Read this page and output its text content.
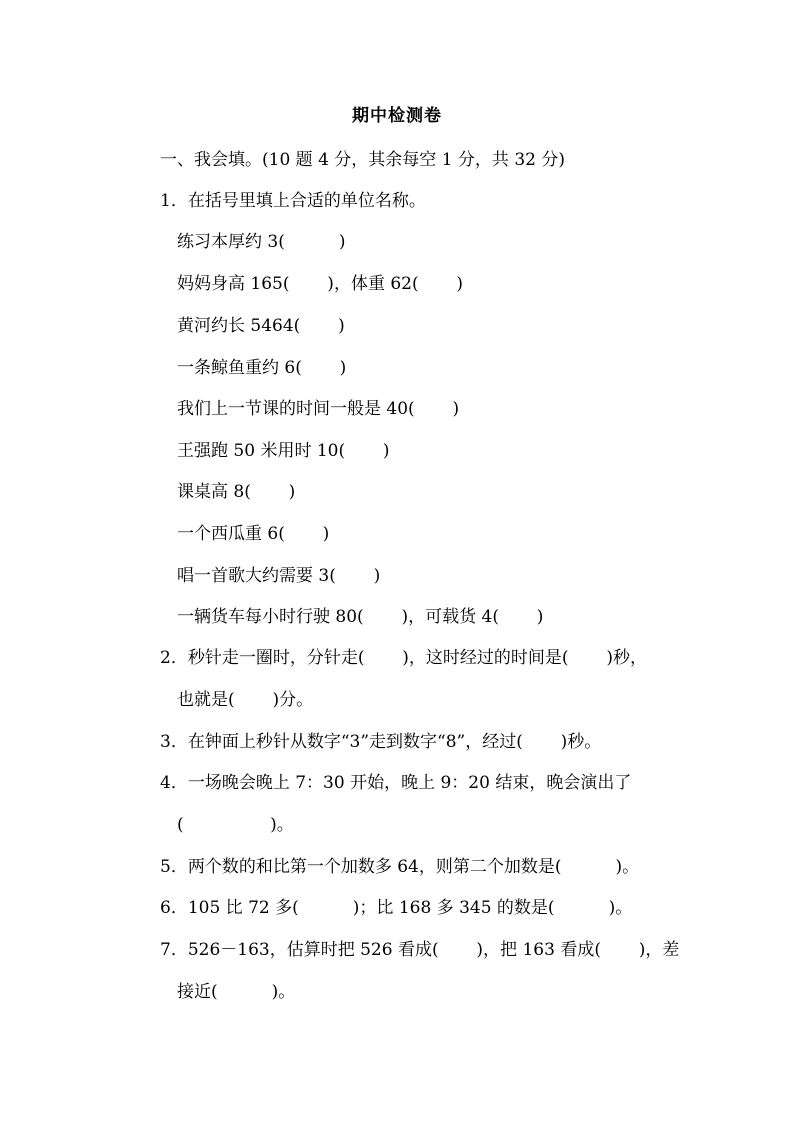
期中检测卷
一、我会填。(10 题 4 分，其余每空 1 分，共 32 分)
1．在括号里填上合适的单位名称。
练习本厚约 3(          )
妈妈身高 165(       )，体重 62(       )
黄河约长 5464(       )
一条鲸鱼重约 6(       )
我们上一节课的时间一般是 40(       )
王强跑 50 米用时 10(       )
课桌高 8(       )
一个西瓜重 6(       )
唱一首歌大约需要 3(       )
一辆货车每小时行驶 80(       )，可载货 4(       )
2．秒针走一圈时，分针走(       )，这时经过的时间是(       )秒，
也就是(       )分。
3．在钟面上秒针从数字“3”走到数字“8”，经过(       )秒。
4．一场晚会晚上 7：30 开始，晚上 9：20 结束，晚会演出了
(                )。
5．两个数的和比第一个加数多 64，则第二个加数是(          )。
6．105 比 72 多(          )；比 168 多 345 的数是(          )。
7．526－163，估算时把 526 看成(       )，把 163 看成(       )，差
接近(          )。
